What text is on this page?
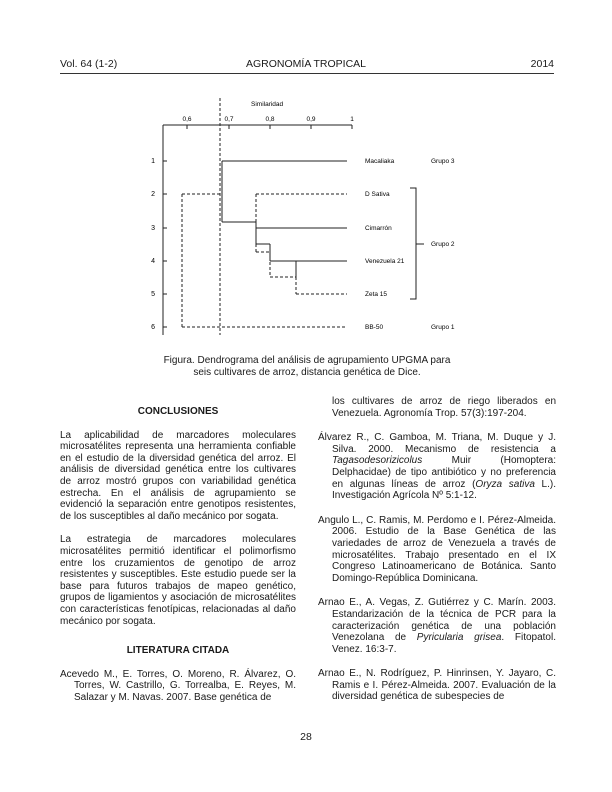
Vol. 64 (1-2)	AGRONOMÍA TROPICAL	2014
Similaridad
0,6	0,7	0,8	0,9	1
1
2
3
4
5
6
Macaliaka
D Sativa
Cimarrón
Venezuela 21
Zeta 15
BB-50
Grupo 3
Grupo 2
Grupo 1
Figura. Dendrograma del análisis de agrupamiento UPGMA para
seis cultivares de arroz, distancia genética de Dice.
CONCLUSIONES

La aplicabilidad de marcadores moleculares microsatélites representa una herramienta confiable en el estudio de la diversidad genética del arroz. El análisis de diversidad genética entre los cultivares de arroz mostró grupos con variabilidad genética estrecha. En el análisis de agrupamiento se evidenció la separación entre genotipos resistentes, de los susceptibles al daño mecánico por sogata.

La estrategia de marcadores moleculares microsatélites permitió identificar el polimorfismo entre los cruzamientos de genotipo de arroz resistentes y susceptibles. Este estudio puede ser la base para futuros trabajos de mapeo genético, grupos de ligamientos y asociación de microsatélites con características fenotípicas, relacionadas al daño mecánico por sogata.

LITERATURA CITADA

Acevedo M., E. Torres, O. Moreno, R. Álvarez, O. Torres, W. Castrillo, G. Torrealba, E. Reyes, M. Salazar y M. Navas. 2007. Base genética de

los cultivares de arroz de riego liberados en Venezuela. Agronomía Trop. 57(3):197-204.

Álvarez R., C. Gamboa, M. Triana, M. Duque y J. Silva. 2000. Mecanismo de resistencia a Tagasodesorizicolus Muir (Homoptera: Delphacidae) de tipo antibiótico y no preferencia en algunas líneas de arroz (Oryza sativa L.). Investigación Agrícola Nº 5:1-12.

Angulo L., C. Ramis, M. Perdomo e I. Pérez-Almeida. 2006. Estudio de la Base Genética de las variedades de arroz de Venezuela a través de microsatélites. Trabajo presentado en el IX Congreso Latinoamericano de Botánica. Santo Domingo-República Dominicana.

Arnao E., A. Vegas, Z. Gutiérrez y C. Marín. 2003. Estandarización de la técnica de PCR para la caracterización genética de una población Venezolana de Pyricularia grisea. Fitopatol. Venez. 16:3-7.

Arnao E., N. Rodríguez, P. Hinrinsen, Y. Jayaro, C. Ramis e I. Pérez-Almeida. 2007. Evaluación de la diversidad genética de subespecies de

28
